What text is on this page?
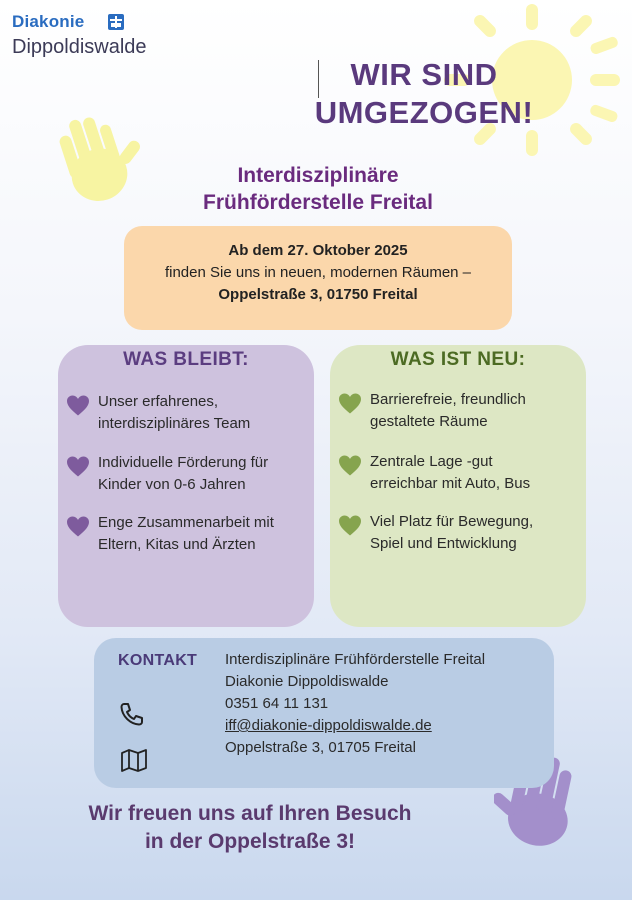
Diakonie
Dippoldiswalde
WIR SIND
UMGEZOGEN!
Interdisziplinäre
Frühförderstelle Freital
Ab dem 27. Oktober 2025
finden Sie uns in neuen, modernen Räumen –
Oppelstraße 3, 01750 Freital
WAS BLEIBT:
Unser erfahrenes,
interdisziplinäres Team
Individuelle Förderung für
Kinder von 0-6 Jahren
Enge Zusammenarbeit mit
Eltern, Kitas und Ärzten
WAS IST NEU:
Barrierefreie, freundlich
gestaltete Räume
Zentrale Lage -gut
erreichbar mit Auto, Bus
Viel Platz für Bewegung,
Spiel und Entwicklung
KONTAKT Interdisziplinäre Frühförderstelle Freital
Diakonie Dippoldiswalde
0351 64 11 131
iff@diakonie-dippoldiswalde.de
Oppelstraße 3, 01705 Freital
Wir freuen uns auf Ihren Besuch
in der Oppelstraße 3!
